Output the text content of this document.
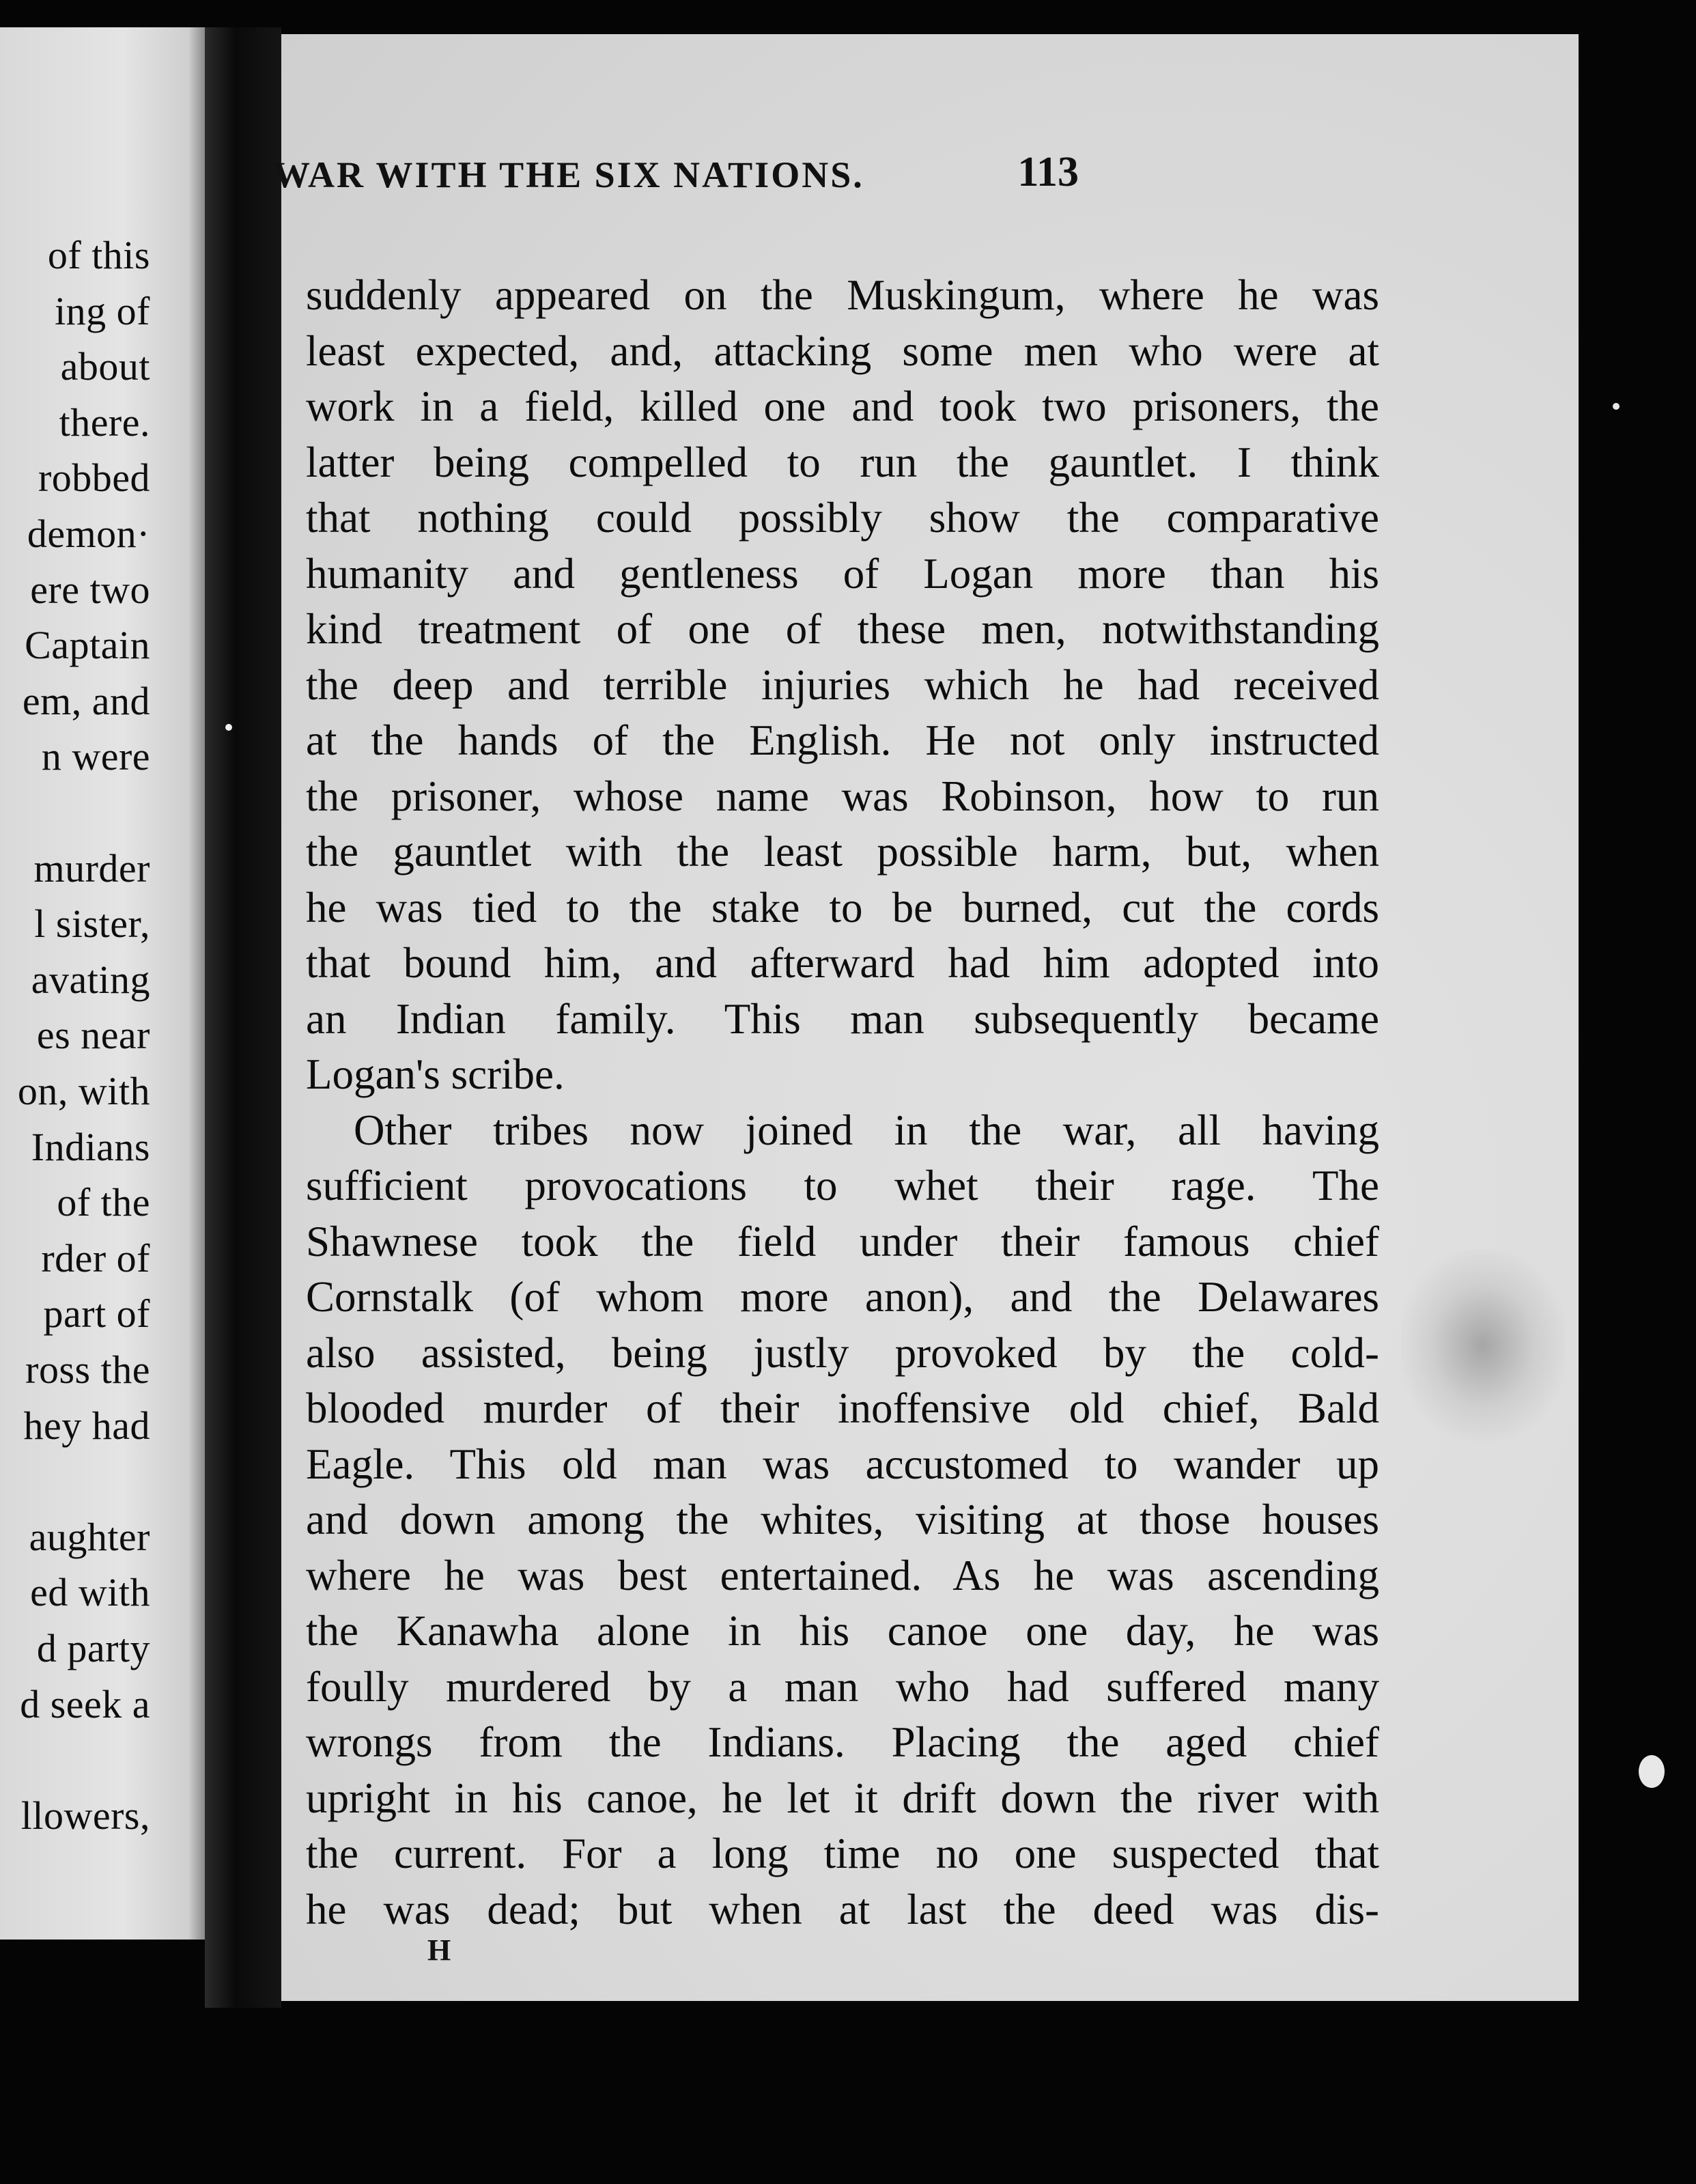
of this
ing of
about
there.
robbed
demon·
ere two
Captain
em, and
n were
murder
l sister,
avating
es near
on, with
Indians
of the
rder of
part of
ross the
hey had
aughter
ed with
d party
d seek a
llowers,
WAR WITH THE SIX NATIONS.	113
suddenly appeared on the Muskingum, where he was
least expected, and, attacking some men who were at
work in a field, killed one and took two prisoners, the
latter being compelled to run the gauntlet. I think
that nothing could possibly show the comparative
humanity and gentleness of Logan more than his
kind treatment of one of these men, notwithstanding
the deep and terrible injuries which he had received
at the hands of the English. He not only instructed
the prisoner, whose name was Robinson, how to run
the gauntlet with the least possible harm, but, when
he was tied to the stake to be burned, cut the cords
that bound him, and afterward had him adopted into
an Indian family. This man subsequently became
Logan's scribe.
Other tribes now joined in the war, all having
sufficient provocations to whet their rage. The
Shawnese took the field under their famous chief
Cornstalk (of whom more anon), and the Delawares
also assisted, being justly provoked by the cold-
blooded murder of their inoffensive old chief, Bald
Eagle. This old man was accustomed to wander up
and down among the whites, visiting at those houses
where he was best entertained. As he was ascending
the Kanawha alone in his canoe one day, he was
foully murdered by a man who had suffered many
wrongs from the Indians. Placing the aged chief
upright in his canoe, he let it drift down the river with
the current. For a long time no one suspected that
he was dead; but when at last the deed was dis-
H
